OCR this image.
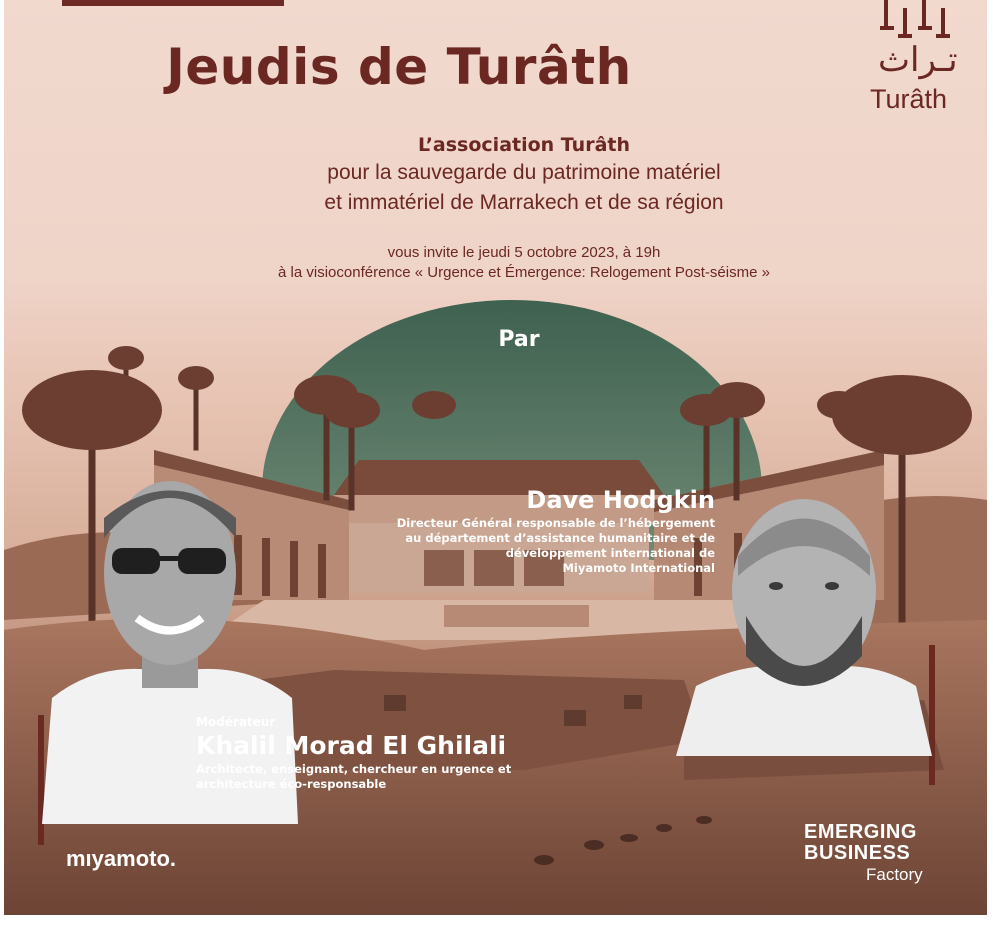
Jeudis de Turâth	تـراث
Turâth
L’association Turâth
pour la sauvegarde du patrimoine matériel
et immatériel de Marrakech et de sa région
vous invite le jeudi 5 octobre 2023, à 19h
à la visioconférence « Urgence et Émergence: Relogement Post-séisme »
Par
Dave Hodgkin
Directeur Général responsable de l’hébergement
au département d’assistance humanitaire et de
développement international de
Miyamoto International
Modérateur
Khalil Morad El Ghilali
Architecte, enseignant, chercheur en urgence et
architecture éco-responsable
mıyamoto.
EMERGING
BUSINESS
Factory
